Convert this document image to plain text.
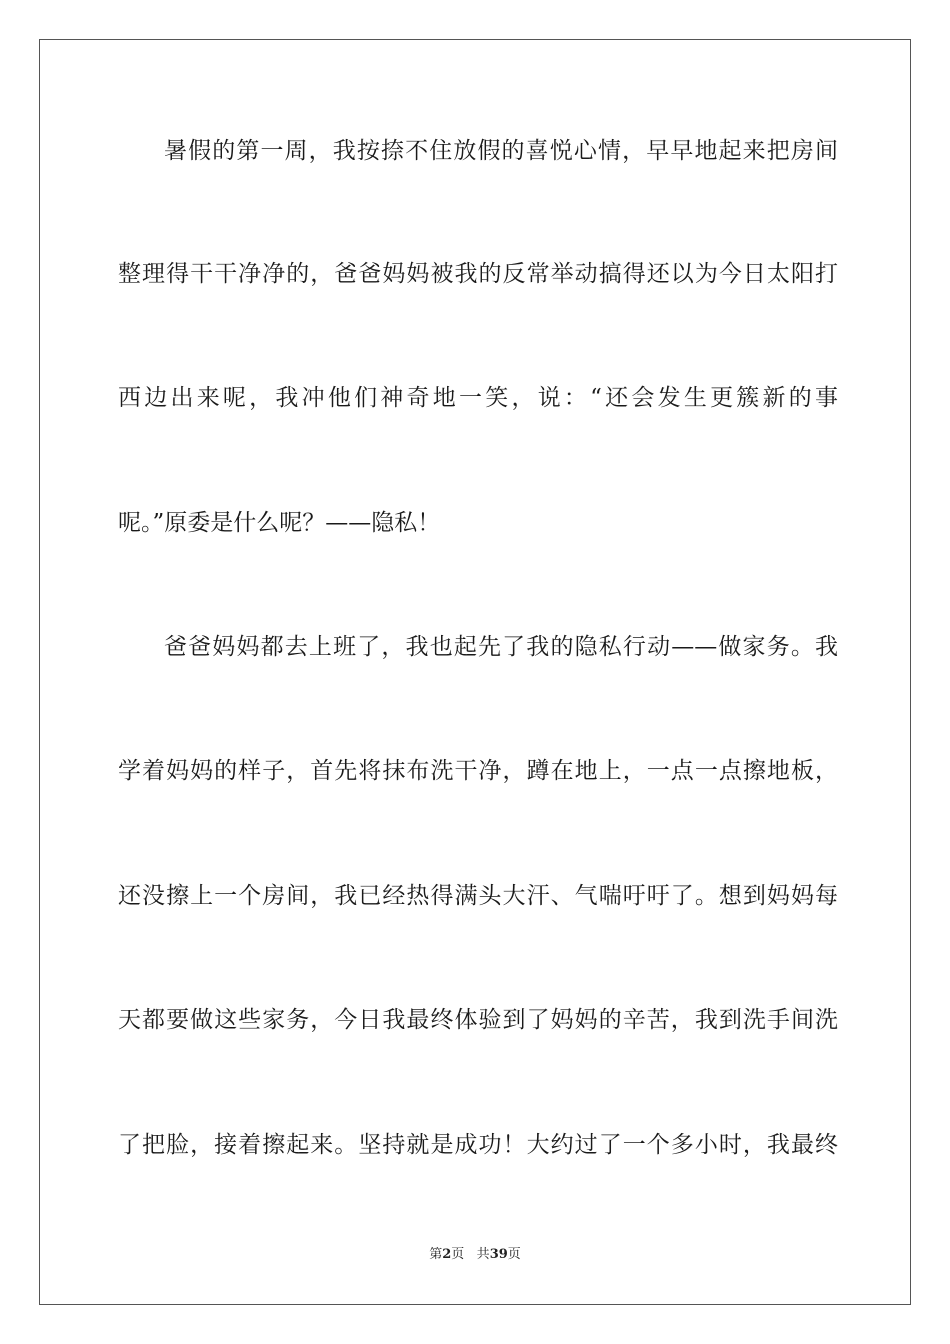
暑假的第一周，我按捺不住放假的喜悦心情，早早地起来把房间
整理得干干净净的，爸爸妈妈被我的反常举动搞得还以为今日太阳打
西边出来呢，我冲他们神奇地一笑，说：“还会发生更簇新的事
呢。”原委是什么呢？——隐私！
爸爸妈妈都去上班了，我也起先了我的隐私行动——做家务。我
学着妈妈的样子，首先将抹布洗干净，蹲在地上，一点一点擦地板，
还没擦上一个房间，我已经热得满头大汗、气喘吁吁了。想到妈妈每
天都要做这些家务，今日我最终体验到了妈妈的辛苦，我到洗手间洗
了把脸，接着擦起来。坚持就是成功！大约过了一个多小时，我最终
第2页 共39页
